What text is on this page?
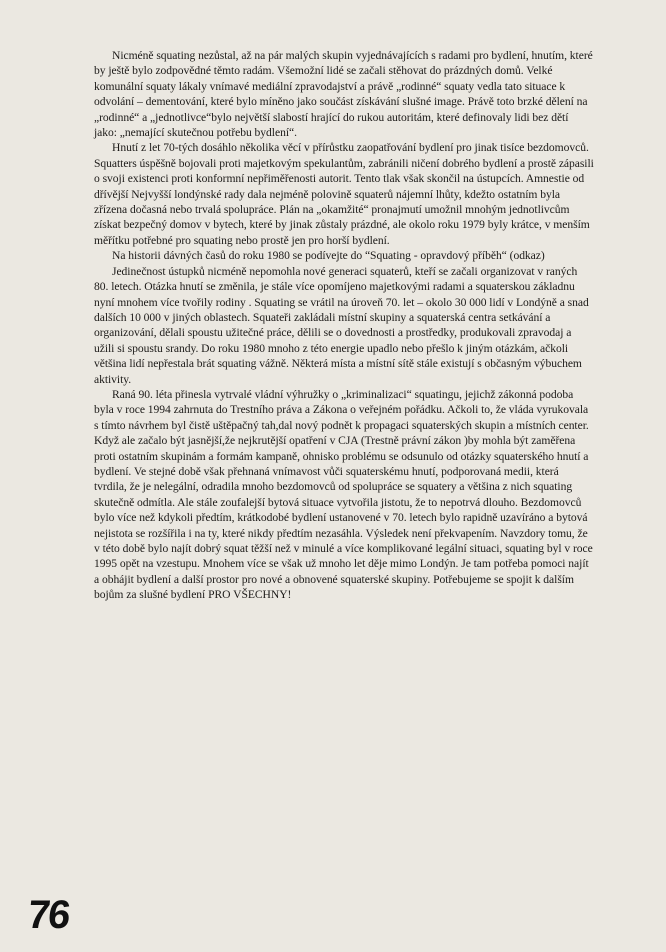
Nicméně squating nezůstal, až na pár malých skupin vyjednávajících s radami pro bydlení, hnutím, které by ještě bylo zodpovědné těmto radám. Všemožní lidé se začali stěhovat do prázdných domů. Velké komunální squaty lákaly vnímavé mediální zpravodajství a právě „rodinné“ squaty vedla tato situace k odvolání – dementování, které bylo míněno jako součást získávání slušné image. Právě toto brzké dělení na „rodinné“ a „jednotlivce“bylo největší slabostí hrající do rukou autoritám, které definovaly lidi bez dětí jako: „nemající skutečnou potřebu bydlení“.

Hnutí z let 70-tých dosáhlo několika věcí v přírůstku zaopatřování bydlení pro jinak tisíce bezdomovců. Squatters úspěšně bojovali proti majetkovým spekulantům, zabránili ničení dobrého bydlení a prostě zápasili o svoji existenci proti konformní nepřiměřenosti autorit. Tento tlak však skončil na ústupcích. Amnestie od dřívější Nejvyšší londýnské rady dala nejméně polovině squaterů nájemní lhůty, kdežto ostatním byla zřízena dočasná nebo trvalá spolupráce. Plán na „okamžité“ pronajmutí umožnil mnohým jednotlivcům získat bezpečný domov v bytech, které by jinak zůstaly prázdné, ale okolo roku 1979 byly krátce, v menším měřítku potřebné pro squating nebo prostě jen pro horší bydlení.

Na historii dávných časů do roku 1980 se podívejte do “Squating - opravdový příběh“ (odkaz)

Jedinečnost ústupků nicméně nepomohla nové generaci squaterů, kteří se začali organizovat v raných 80. letech. Otázka hnutí se změnila, je stále více opomíjeno majetkovými radami a squaterskou základnu nyní mnohem více tvořily rodiny . Squating se vrátil na úroveň 70. let – okolo 30 000 lidí v Londýně a snad dalších 10 000 v jiných oblastech. Squateři zakládali místní skupiny a squaterská centra setkávání a organizování, dělali spoustu užitečné práce, dělili se o dovednosti a prostředky, produkovali zpravodaj a užili si spoustu srandy. Do roku 1980 mnoho z této energie upadlo nebo přešlo k jiným otázkám, ačkoli většina lidí nepřestala brát squating vážně. Některá místa a místní sítě stále existují s občasným výbuchem aktivity.

Raná 90. léta přinesla vytrvalé vládní výhružky o „kriminalizaci“ squatingu, jejichž zákonná podoba byla v roce 1994 zahrnuta do Trestního práva a Zákona o veřejném pořádku. Ačkoli to, že vláda vyrukovala s tímto návrhem byl čistě uštěpačný tah,dal nový podnět k propagaci squaterských skupin a místních center. Když ale začalo být jasnější,že nejkrutější opatření v CJA (Trestně právní zákon )by mohla být zaměřena proti ostatním skupinám a formám kampaně, ohnisko problému se odsunulo od otázky squaterského hnutí a bydlení. Ve stejné době však přehnaná vnímavost vůči squaterskému hnutí, podporovaná medii, která tvrdila, že je nelegální, odradila mnoho bezdomovců od spolupráce se squatery a většina z nich squating skutečně odmítla. Ale stále zoufalejší bytová situace vytvořila jistotu, že to nepotrvá dlouho. Bezdomovců bylo více než kdykoli předtím, krátkodobé bydlení ustanovené v 70. letech bylo rapidně uzavíráno a bytová nejistota se rozšířila i na ty, které nikdy předtím nezasáhla. Výsledek není překvapením. Navzdory tomu, že v této době bylo najít dobrý squat těžší než v minulé a více komplikované legální situaci, squating byl v roce 1995 opět na vzestupu. Mnohem více se však už mnoho let děje mimo Londýn. Je tam potřeba pomoci najít a obhájit bydlení a další prostor pro nové a obnovené squaterské skupiny. Potřebujeme se spojit k dalším bojům za slušné bydlení PRO VŠECHNY!

76
